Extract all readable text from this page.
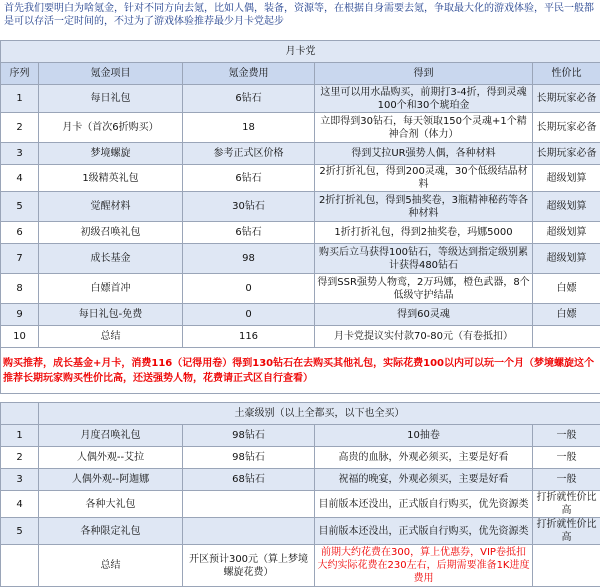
首先我们要明白为啥氪金，针对不同方向去氪，比如人偶，装备，资源等，在根据自身需要去氪，争取最大化的游戏体验，平民一般都是可以存活一定时间的，不过为了游戏体验推荐最少月卡党起步
月卡党				
序列	氪金项目	氪金费用	得到	性价比
1	每日礼包	6钻石	这里可以用水晶购买，前期打3-4折，得到灵魂100个和30个琥珀金	长期玩家必备
2	月卡（首次6折购买）	18	立即得到30钻石，每天领取150个灵魂+1个精神合剂（体力）	长期玩家必备
3	梦境螺旋	参考正式区价格	得到艾拉UR强势人偶，各种材料	长期玩家必备
4	1级精英礼包	6钻石	2折打折礼包，得到200灵魂，30个低级结晶材料	超级划算
5	觉醒材料	30钻石	2折打折礼包，得到5抽奖卷，3瓶精神秘药等各种材料	超级划算
6	初级召唤礼包	6钻石	1折打折礼包，得到2抽奖卷，玛娜5000	超级划算
7	成长基金	98	购买后立马获得100钻石，等级达到指定级别累计获得480钻石	超级划算
8	白嫖首冲	0	得到SSR强势人物鸾，2万玛娜，橙色武器，8个低级守护结晶	白嫖
9	每日礼包-免费	0	得到60灵魂	白嫖
10	总结	116	月卡党提议实付款70-80元（有卷抵扣）	
购买推荐，成长基金+月卡，消费116（记得用卷）得到130钻石在去购买其他礼包，实际花费100以内可以玩一个月（梦境螺旋这个推荐长期玩家购买性价比高，还送强势人物，花费请正式区自行查看）				
	土豪级别（以上全都买，以下也全买）			
1	月度召唤礼包	98钻石	10抽卷	一般
2	人偶外观--艾拉	98钻石	高贵的血脉，外观必须买，主要是好看	一般
3	人偶外观--阿迦娜	68钻石	祝福的晚宴，外观必须买，主要是好看	一般
4	各种大礼包		目前版本还没出，正式版自行购买，优先资源类	打折就性价比高
5	各种限定礼包		目前版本还没出，正式版自行购买，优先资源类	打折就性价比高
	总结	开区预计300元（算上梦境螺旋花费）	前期大约花费在300，算上优惠券，VIP卷抵扣大约实际花费在230左右，后期需要准备1K进度费用	
